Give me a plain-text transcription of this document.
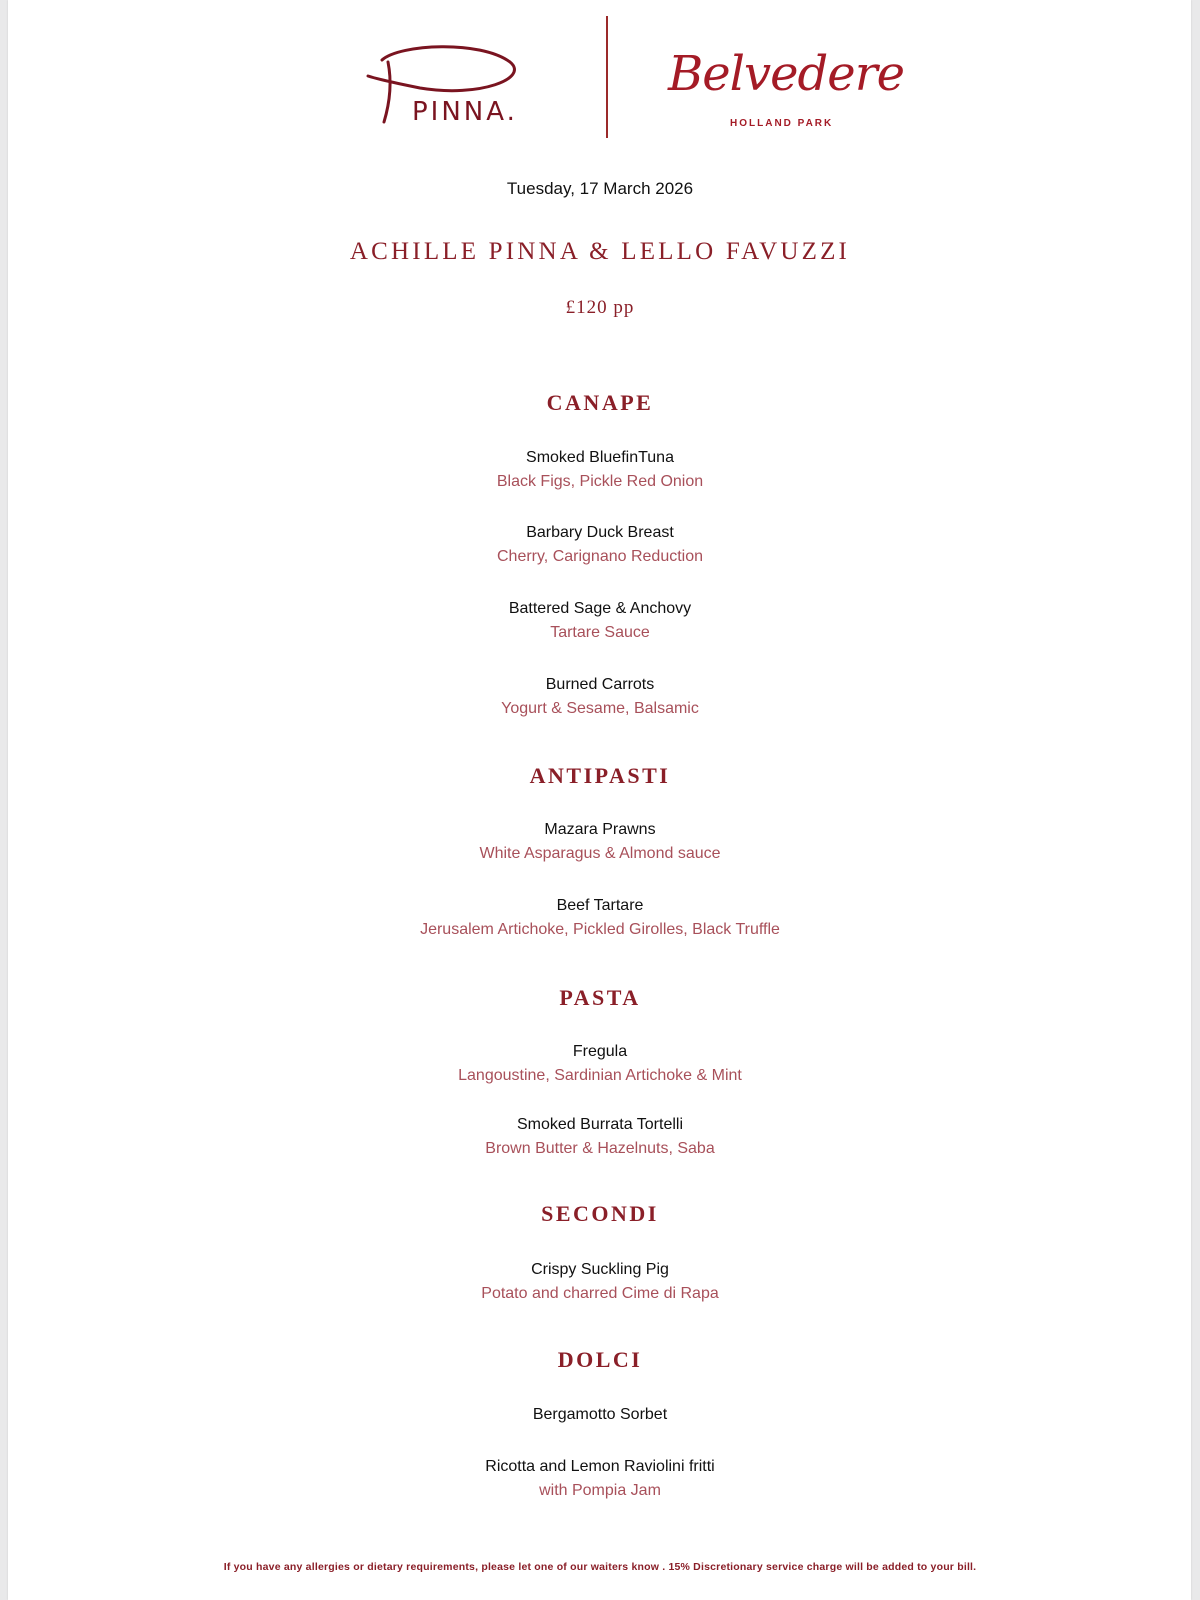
PINNA.
Belvedere
HOLLAND PARK
Tuesday, 17 March 2026
ACHILLE PINNA & LELLO FAVUZZI
£120 pp
CANAPE
Smoked BluefinTuna
Black Figs, Pickle Red Onion
Barbary Duck Breast
Cherry, Carignano Reduction
Battered Sage & Anchovy
Tartare Sauce
Burned Carrots
Yogurt & Sesame, Balsamic
ANTIPASTI
Mazara Prawns
White Asparagus & Almond sauce
Beef Tartare
Jerusalem Artichoke, Pickled Girolles, Black Truffle
PASTA
Fregula
Langoustine, Sardinian Artichoke & Mint
Smoked Burrata Tortelli
Brown Butter & Hazelnuts, Saba
SECONDI
Crispy Suckling Pig
Potato and charred Cime di Rapa
DOLCI
Bergamotto Sorbet
Ricotta and Lemon Raviolini fritti
with Pompia Jam
If you have any allergies or dietary requirements, please let one of our waiters know . 15% Discretionary service charge will be added to your bill.
